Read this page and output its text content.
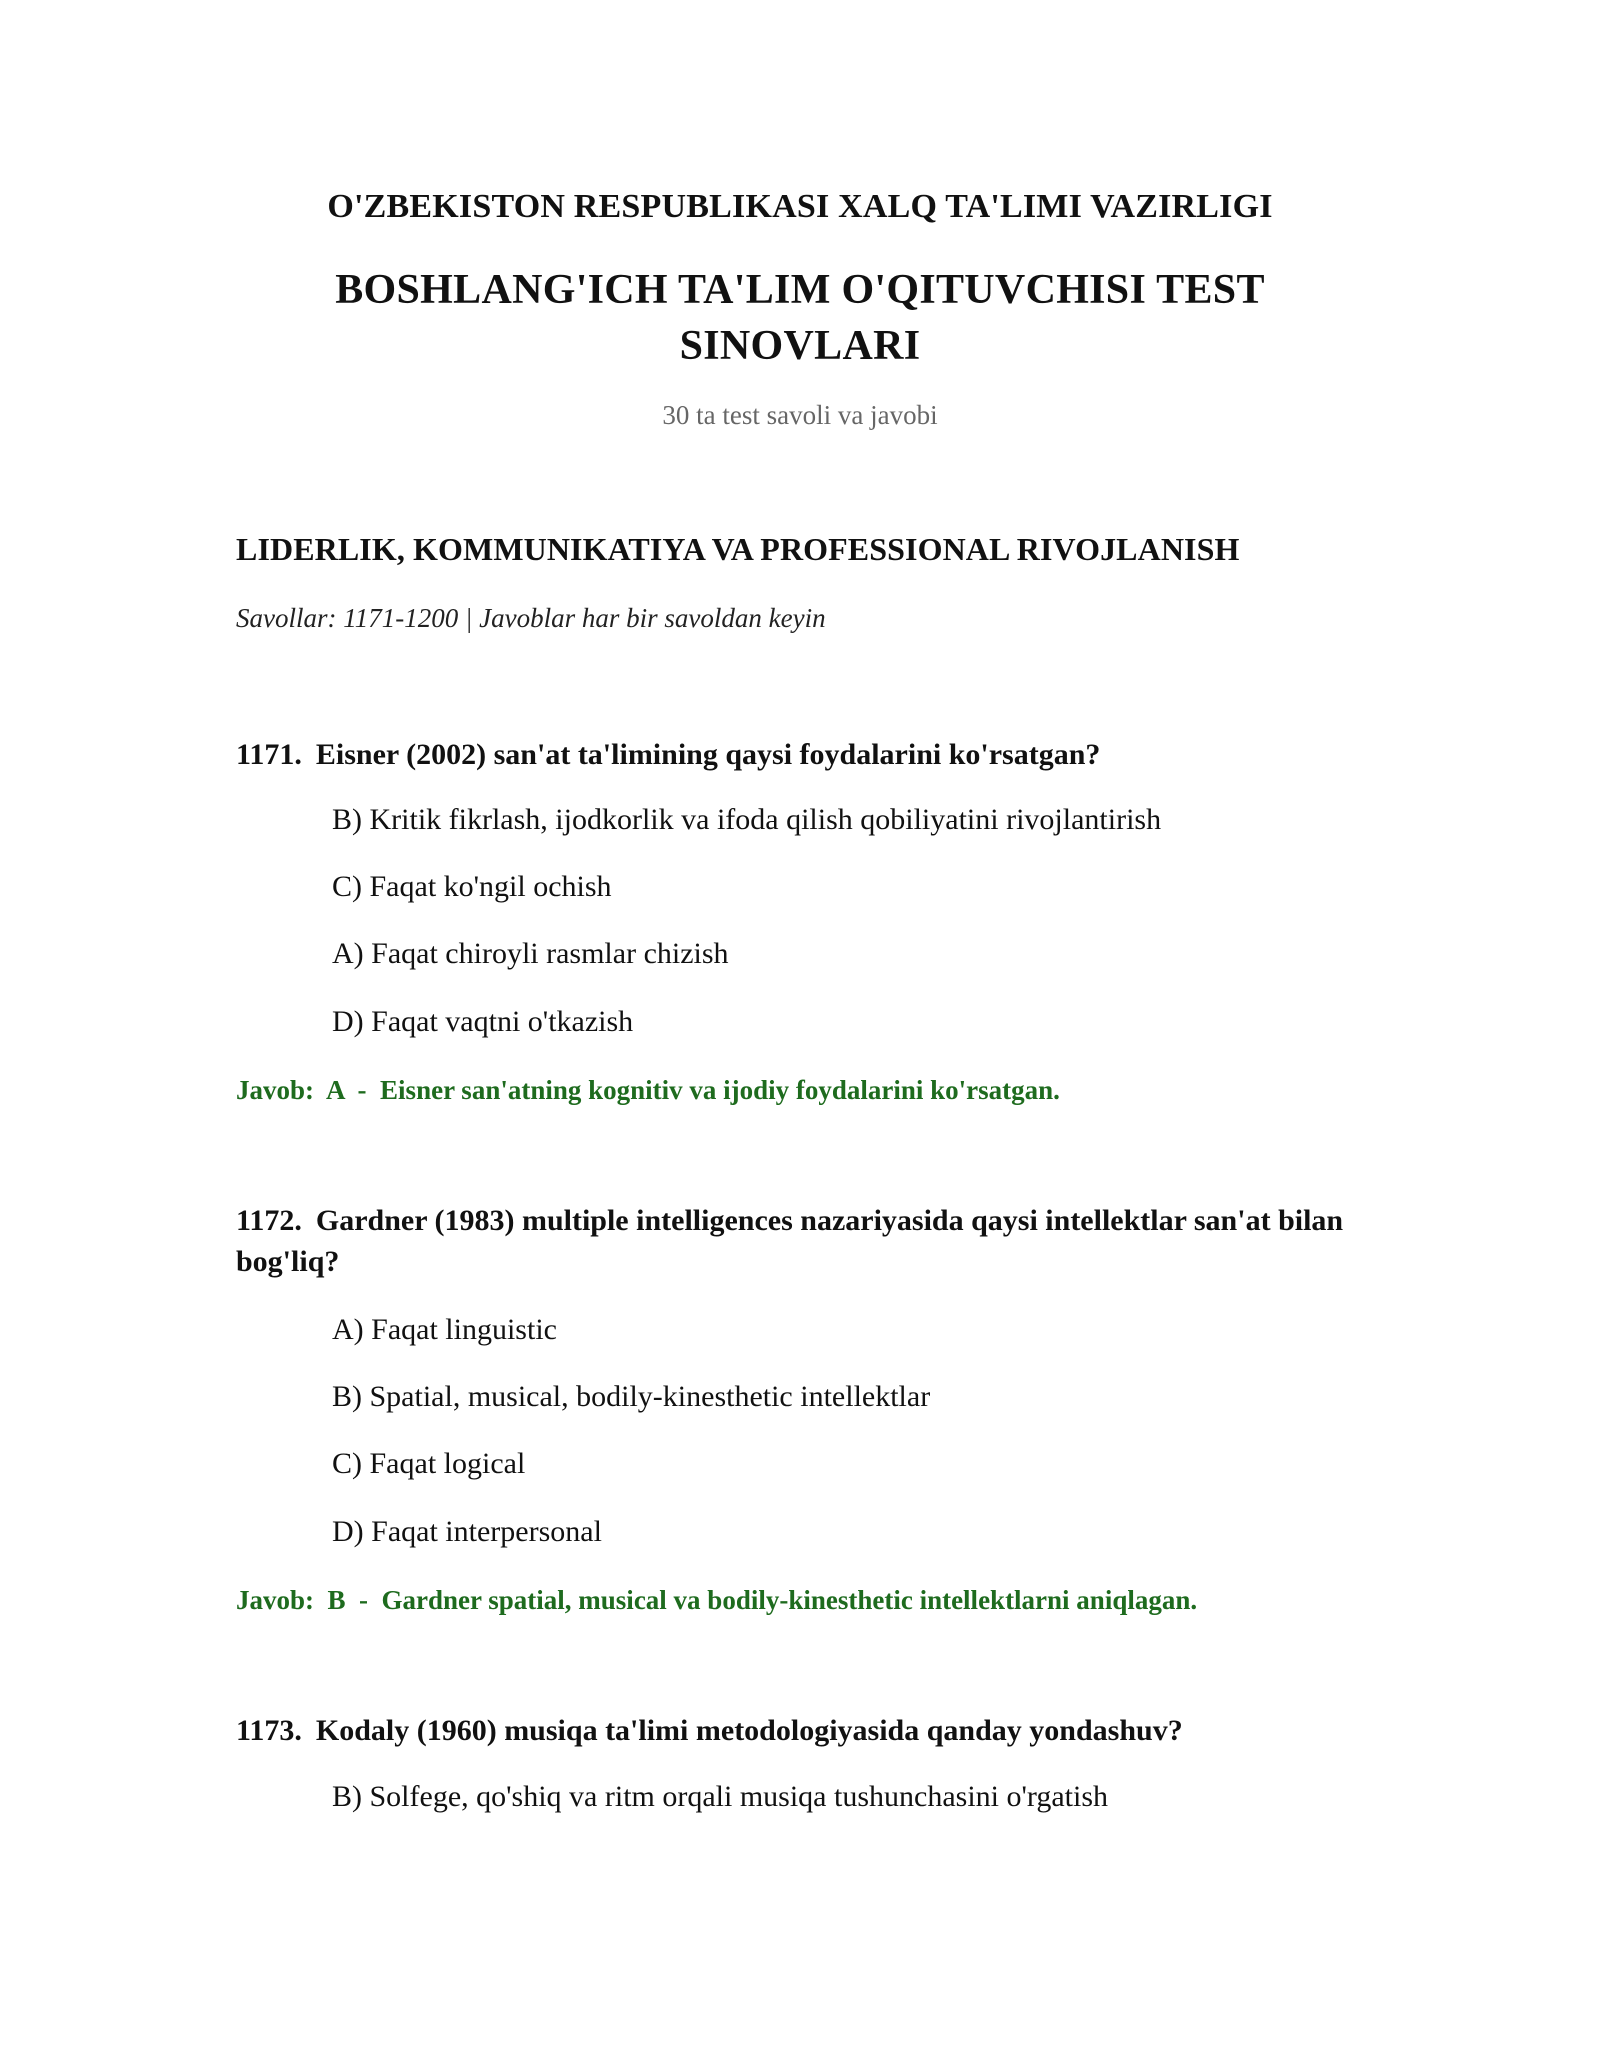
O'ZBEKISTON RESPUBLIKASI XALQ TA'LIMI VAZIRLIGI

BOSHLANG'ICH TA'LIM O'QITUVCHISI TEST
SINOVLARI

30 ta test savoli va javobi

LIDERLIK, KOMMUNIKATIYA VA PROFESSIONAL RIVOJLANISH

Savollar: 1171-1200 | Javoblar har bir savoldan keyin

1171. Eisner (2002) san'at ta'limining qaysi foydalarini ko'rsatgan?

B) Kritik fikrlash, ijodkorlik va ifoda qilish qobiliyatini rivojlantirish

C) Faqat ko'ngil ochish

A) Faqat chiroyli rasmlar chizish

D) Faqat vaqtni o'tkazish

Javob: A - Eisner san'atning kognitiv va ijodiy foydalarini ko'rsatgan.

1172. Gardner (1983) multiple intelligences nazariyasida qaysi intellektlar san'at bilan bog'liq?

A) Faqat linguistic

B) Spatial, musical, bodily-kinesthetic intellektlar

C) Faqat logical

D) Faqat interpersonal

Javob: B - Gardner spatial, musical va bodily-kinesthetic intellektlarni aniqlagan.

1173. Kodaly (1960) musiqa ta'limi metodologiyasida qanday yondashuv?

B) Solfege, qo'shiq va ritm orqali musiqa tushunchasini o'rgatish
